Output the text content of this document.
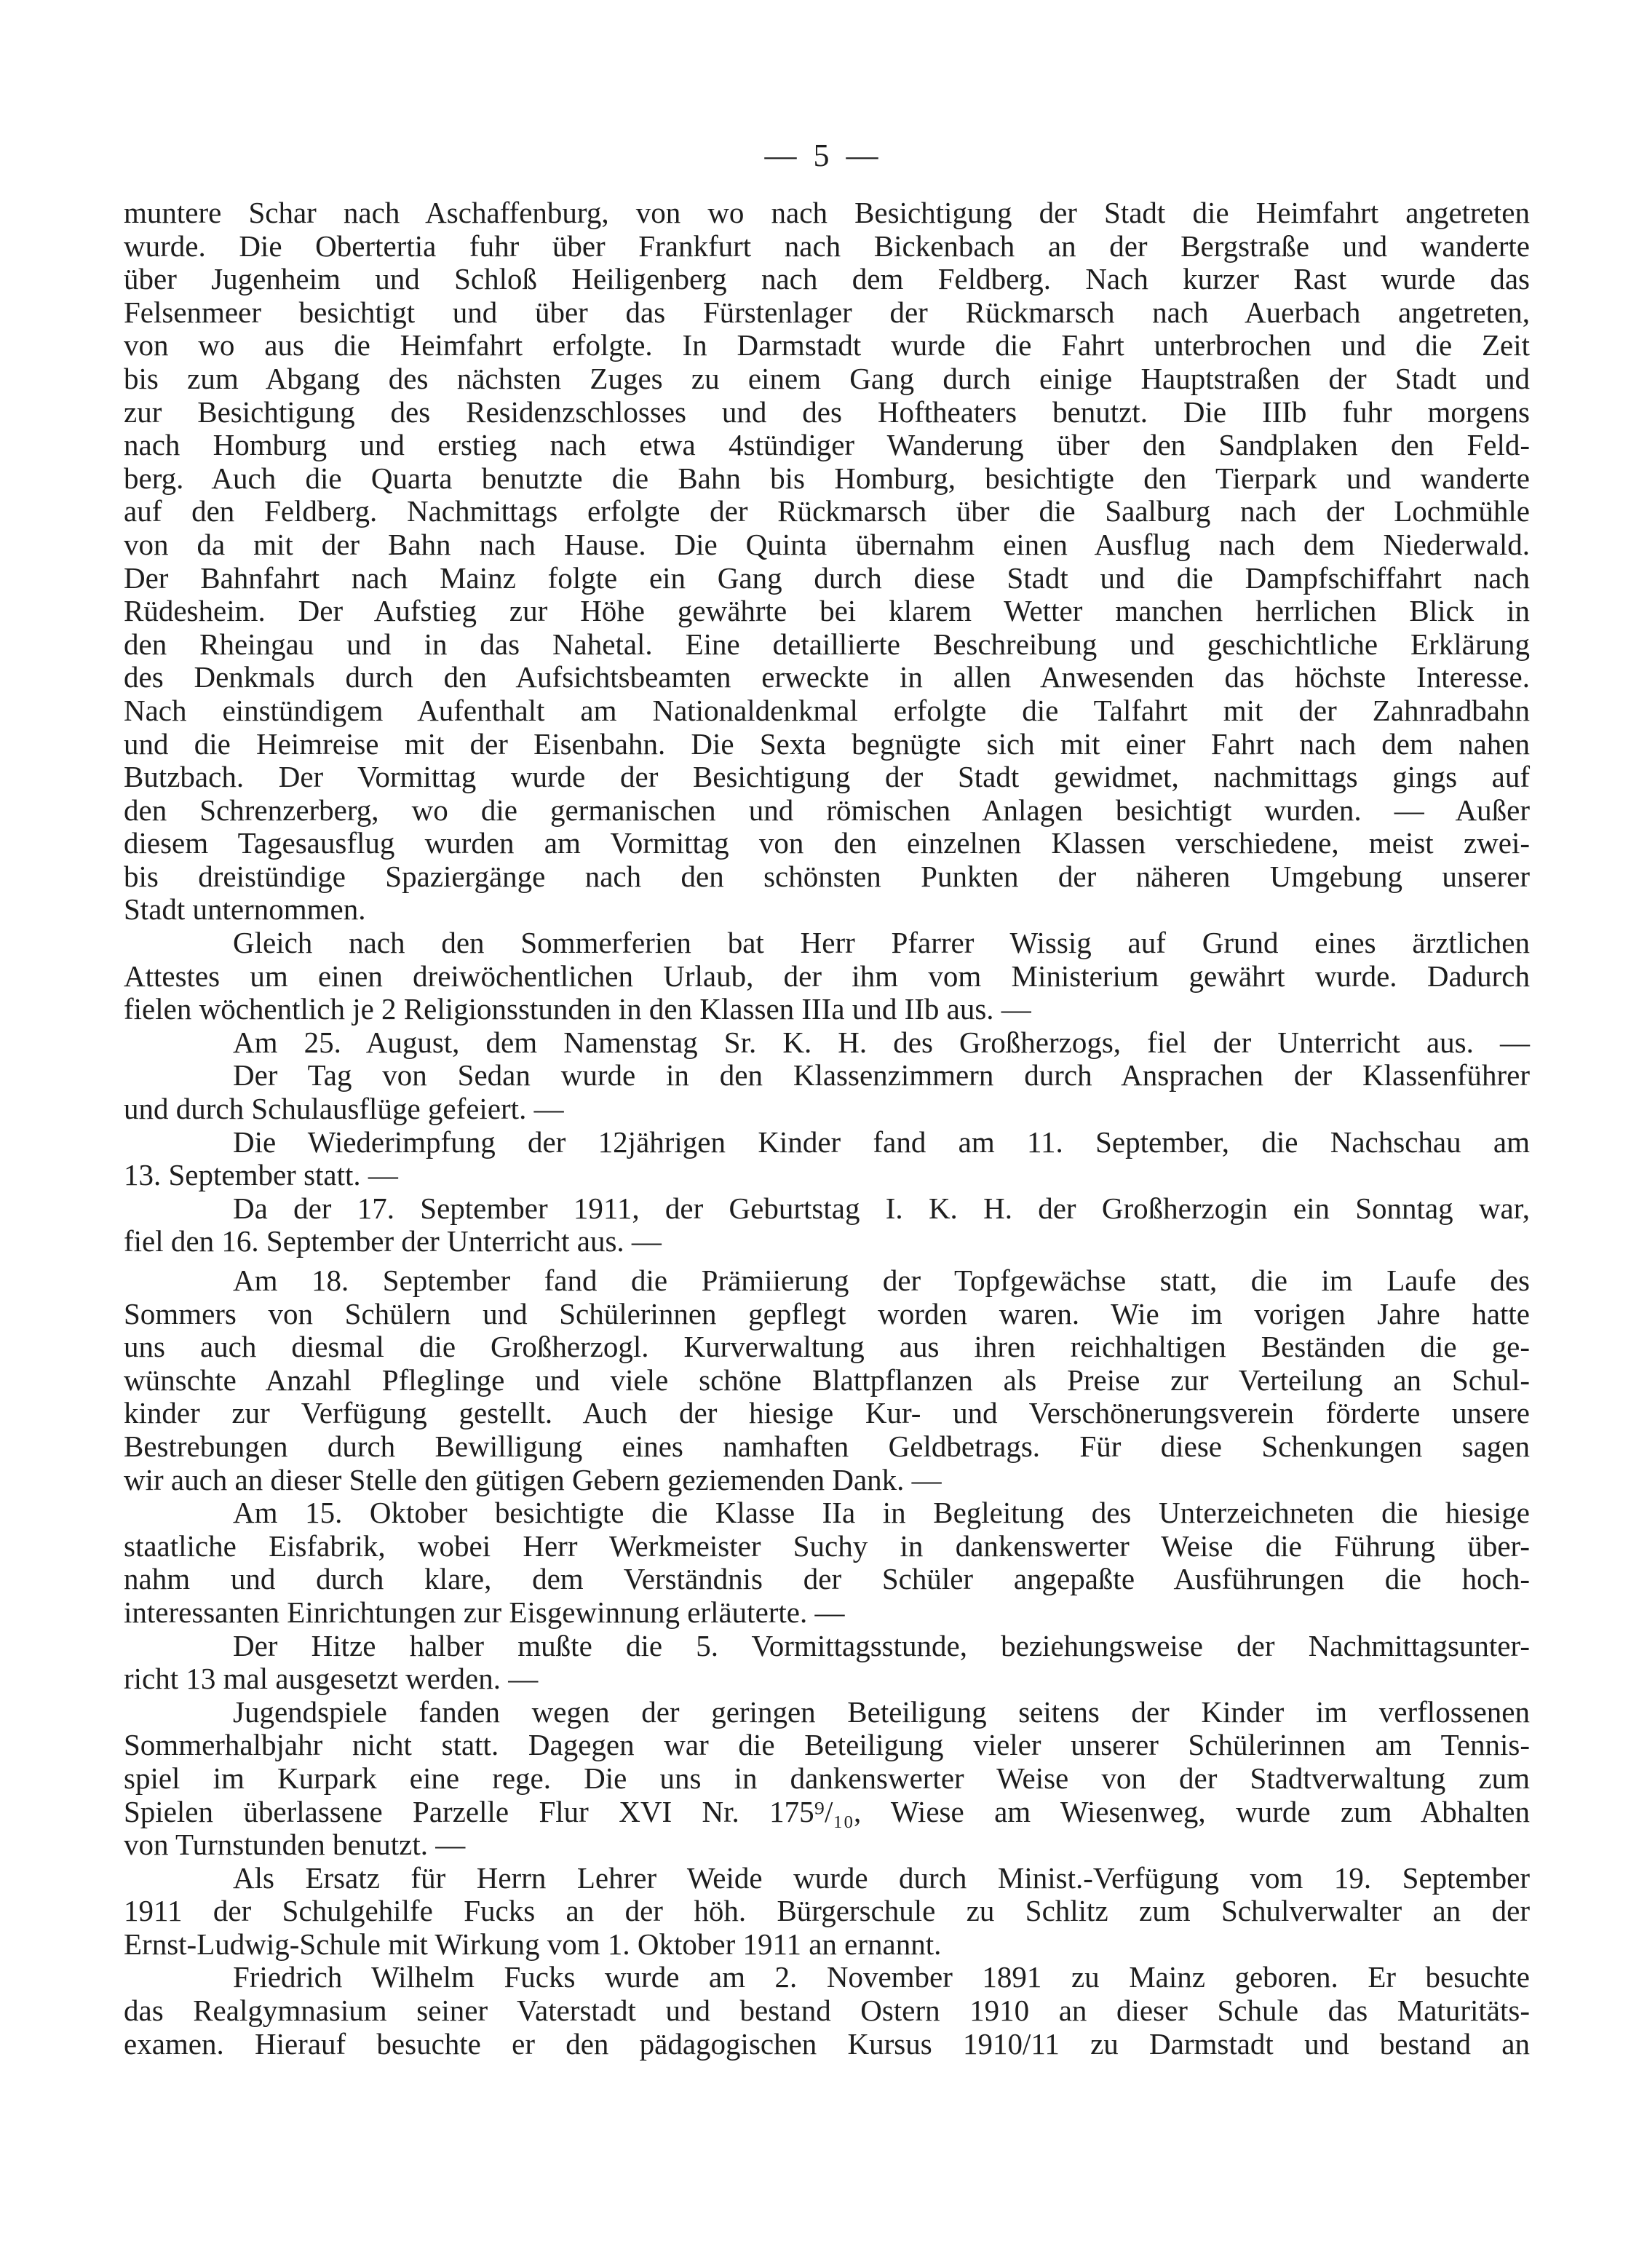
— 5 —
muntere Schar nach Aschaffenburg, von wo nach Besichtigung der Stadt die Heimfahrt angetreten
wurde. Die Obertertia fuhr über Frankfurt nach Bickenbach an der Bergstraße und wanderte
über Jugenheim und Schloß Heiligenberg nach dem Feldberg. Nach kurzer Rast wurde das
Felsenmeer besichtigt und über das Fürstenlager der Rückmarsch nach Auerbach angetreten,
von wo aus die Heimfahrt erfolgte. In Darmstadt wurde die Fahrt unterbrochen und die Zeit
bis zum Abgang des nächsten Zuges zu einem Gang durch einige Hauptstraßen der Stadt und
zur Besichtigung des Residenzschlosses und des Hoftheaters benutzt. Die IIIb fuhr morgens
nach Homburg und erstieg nach etwa 4stündiger Wanderung über den Sandplaken den Feld-
berg. Auch die Quarta benutzte die Bahn bis Homburg, besichtigte den Tierpark und wanderte
auf den Feldberg. Nachmittags erfolgte der Rückmarsch über die Saalburg nach der Lochmühle
von da mit der Bahn nach Hause. Die Quinta übernahm einen Ausflug nach dem Niederwald.
Der Bahnfahrt nach Mainz folgte ein Gang durch diese Stadt und die Dampfschiffahrt nach
Rüdesheim. Der Aufstieg zur Höhe gewährte bei klarem Wetter manchen herrlichen Blick in
den Rheingau und in das Nahetal. Eine detaillierte Beschreibung und geschichtliche Erklärung
des Denkmals durch den Aufsichtsbeamten erweckte in allen Anwesenden das höchste Interesse.
Nach einstündigem Aufenthalt am Nationaldenkmal erfolgte die Talfahrt mit der Zahnradbahn
und die Heimreise mit der Eisenbahn. Die Sexta begnügte sich mit einer Fahrt nach dem nahen
Butzbach. Der Vormittag wurde der Besichtigung der Stadt gewidmet, nachmittags gings auf
den Schrenzerberg, wo die germanischen und römischen Anlagen besichtigt wurden. — Außer
diesem Tagesausflug wurden am Vormittag von den einzelnen Klassen verschiedene, meist zwei-
bis dreistündige Spaziergänge nach den schönsten Punkten der näheren Umgebung unserer
Stadt unternommen.
Gleich nach den Sommerferien bat Herr Pfarrer Wissig auf Grund eines ärztlichen
Attestes um einen dreiwöchentlichen Urlaub, der ihm vom Ministerium gewährt wurde. Dadurch
fielen wöchentlich je 2 Religionsstunden in den Klassen IIIa und IIb aus. —
Am 25. August, dem Namenstag Sr. K. H. des Großherzogs, fiel der Unterricht aus. —
Der Tag von Sedan wurde in den Klassenzimmern durch Ansprachen der Klassenführer
und durch Schulausflüge gefeiert. —
Die Wiederimpfung der 12jährigen Kinder fand am 11. September, die Nachschau am
13. September statt. —
Da der 17. September 1911, der Geburtstag I. K. H. der Großherzogin ein Sonntag war,
fiel den 16. September der Unterricht aus. —
Am 18. September fand die Prämiierung der Topfgewächse statt, die im Laufe des
Sommers von Schülern und Schülerinnen gepflegt worden waren. Wie im vorigen Jahre hatte
uns auch diesmal die Großherzogl. Kurverwaltung aus ihren reichhaltigen Beständen die ge-
wünschte Anzahl Pfleglinge und viele schöne Blattpflanzen als Preise zur Verteilung an Schul-
kinder zur Verfügung gestellt. Auch der hiesige Kur- und Verschönerungsverein förderte unsere
Bestrebungen durch Bewilligung eines namhaften Geldbetrags. Für diese Schenkungen sagen
wir auch an dieser Stelle den gütigen Gebern geziemenden Dank. —
Am 15. Oktober besichtigte die Klasse IIa in Begleitung des Unterzeichneten die hiesige
staatliche Eisfabrik, wobei Herr Werkmeister Suchy in dankenswerter Weise die Führung über-
nahm und durch klare, dem Verständnis der Schüler angepaßte Ausführungen die hoch-
interessanten Einrichtungen zur Eisgewinnung erläuterte. —
Der Hitze halber mußte die 5. Vormittagsstunde, beziehungsweise der Nachmittagsunter-
richt 13 mal ausgesetzt werden. —
Jugendspiele fanden wegen der geringen Beteiligung seitens der Kinder im verflossenen
Sommerhalbjahr nicht statt. Dagegen war die Beteiligung vieler unserer Schülerinnen am Tennis-
spiel im Kurpark eine rege. Die uns in dankenswerter Weise von der Stadtverwaltung zum
Spielen überlassene Parzelle Flur XVI Nr. 175⁹/₁₀, Wiese am Wiesenweg, wurde zum Abhalten
von Turnstunden benutzt. —
Als Ersatz für Herrn Lehrer Weide wurde durch Minist.-Verfügung vom 19. September
1911 der Schulgehilfe Fucks an der höh. Bürgerschule zu Schlitz zum Schulverwalter an der
Ernst-Ludwig-Schule mit Wirkung vom 1. Oktober 1911 an ernannt.
Friedrich Wilhelm Fucks wurde am 2. November 1891 zu Mainz geboren. Er besuchte
das Realgymnasium seiner Vaterstadt und bestand Ostern 1910 an dieser Schule das Maturitäts-
examen. Hierauf besuchte er den pädagogischen Kursus 1910/11 zu Darmstadt und bestand an
